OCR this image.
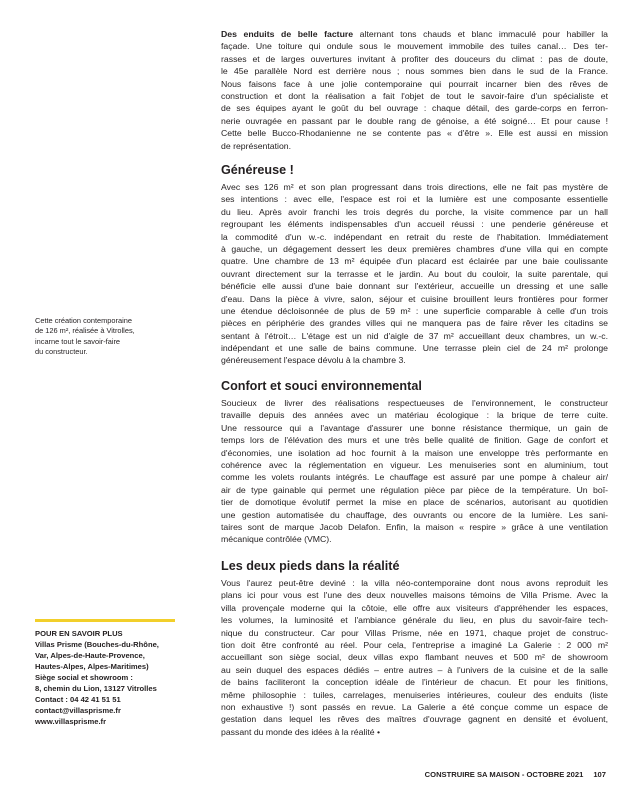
Des enduits de belle facture alternant tons chauds et blanc immaculé pour habiller la
façade. Une toiture qui ondule sous le mouvement immobile des tuiles canal… Des ter-
rasses et de larges ouvertures invitant à profiter des douceurs du climat : pas de doute,
le 45e parallèle Nord est derrière nous ; nous sommes bien dans le sud de la France.
Nous faisons face à une jolie contemporaine qui pourrait incarner bien des rêves de
construction et dont la réalisation a fait l'objet de tout le savoir-faire d'un spécialiste et
de ses équipes ayant le goût du bel ouvrage : chaque détail, des garde-corps en ferron-
nerie ouvragée en passant par le double rang de génoise, a été soigné… Et pour cause !
Cette belle Bucco-Rhodanienne ne se contente pas « d'être ». Elle est aussi en mission
de représentation.
Généreuse !
Avec ses 126 m² et son plan progressant dans trois directions, elle ne fait pas mystère de
ses intentions : avec elle, l'espace est roi et la lumière est une composante essentielle
du lieu. Après avoir franchi les trois degrés du porche, la visite commence par un hall
regroupant les éléments indispensables d'un accueil réussi : une penderie généreuse et
la commodité d'un w.-c. indépendant en retrait du reste de l'habitation. Immédiatement
à gauche, un dégagement dessert les deux premières chambres d'une villa qui en compte
quatre. Une chambre de 13 m² équipée d'un placard est éclairée par une baie coulissante
ouvrant directement sur la terrasse et le jardin. Au bout du couloir, la suite parentale, qui
bénéficie elle aussi d'une baie donnant sur l'extérieur, accueille un dressing et une salle
d'eau. Dans la pièce à vivre, salon, séjour et cuisine brouillent leurs frontières pour former
une étendue décloisonnée de plus de 59 m² : une superficie comparable à celle d'un trois
pièces en périphérie des grandes villes qui ne manquera pas de faire rêver les citadins se
sentant à l'étroit… L'étage est un nid d'aigle de 37 m² accueillant deux chambres, un w.-c.
indépendant et une salle de bains commune. Une terrasse plein ciel de 24 m² prolonge
généreusement l'espace dévolu à la chambre 3.
Confort et souci environnemental
Soucieux de livrer des réalisations respectueuses de l'environnement, le constructeur
travaille depuis des années avec un matériau écologique : la brique de terre cuite.
Une ressource qui a l'avantage d'assurer une bonne résistance thermique, un gain de
temps lors de l'élévation des murs et une très belle qualité de finition. Gage de confort et
d'économies, une isolation ad hoc fournit à la maison une enveloppe très performante en
cohérence avec la réglementation en vigueur. Les menuiseries sont en aluminium, tout
comme les volets roulants intégrés. Le chauffage est assuré par une pompe à chaleur air/
air de type gainable qui permet une régulation pièce par pièce de la température. Un boî-
tier de domotique évolutif permet la mise en place de scénarios, autorisant au quotidien
une gestion automatisée du chauffage, des ouvrants ou encore de la lumière. Les sani-
taires sont de marque Jacob Delafon. Enfin, la maison « respire » grâce à une ventilation
mécanique contrôlée (VMC).
Les deux pieds dans la réalité
Vous l'aurez peut-être deviné : la villa néo-contemporaine dont nous avons reproduit les
plans ici pour vous est l'une des deux nouvelles maisons témoins de Villa Prisme. Avec la
villa provençale moderne qui la côtoie, elle offre aux visiteurs d'appréhender les espaces,
les volumes, la luminosité et l'ambiance générale du lieu, en plus du savoir-faire tech-
nique du constructeur. Car pour Villas Prisme, née en 1971, chaque projet de construc-
tion doit être confronté au réel. Pour cela, l'entreprise a imaginé La Galerie : 2 000 m²
accueillant son siège social, deux villas expo flambant neuves et 500 m² de showroom
au sein duquel des espaces dédiés – entre autres – à l'univers de la cuisine et de la salle
de bains faciliteront la conception idéale de l'intérieur de chacun. Et pour les finitions,
même philosophie : tuiles, carrelages, menuiseries intérieures, couleur des enduits (liste
non exhaustive !) sont passés en revue. La Galerie a été conçue comme un espace de
gestation dans lequel les rêves des maîtres d'ouvrage gagnent en densité et évoluent,
passant du monde des idées à la réalité •
Cette création contemporaine
de 126 m², réalisée à Vitrolles,
incarne tout le savoir-faire
du constructeur.
POUR EN SAVOIR PLUS
Villas Prisme (Bouches-du-Rhône,
Var, Alpes-de-Haute-Provence,
Hautes-Alpes, Alpes-Maritimes)
Siège social et showroom :
8, chemin du Lion, 13127 Vitrolles
Contact : 04 42 41 51 51
contact@villasprisme.fr
www.villasprisme.fr
CONSTRUIRE SA MAISON - OCTOBRE 2021 107
